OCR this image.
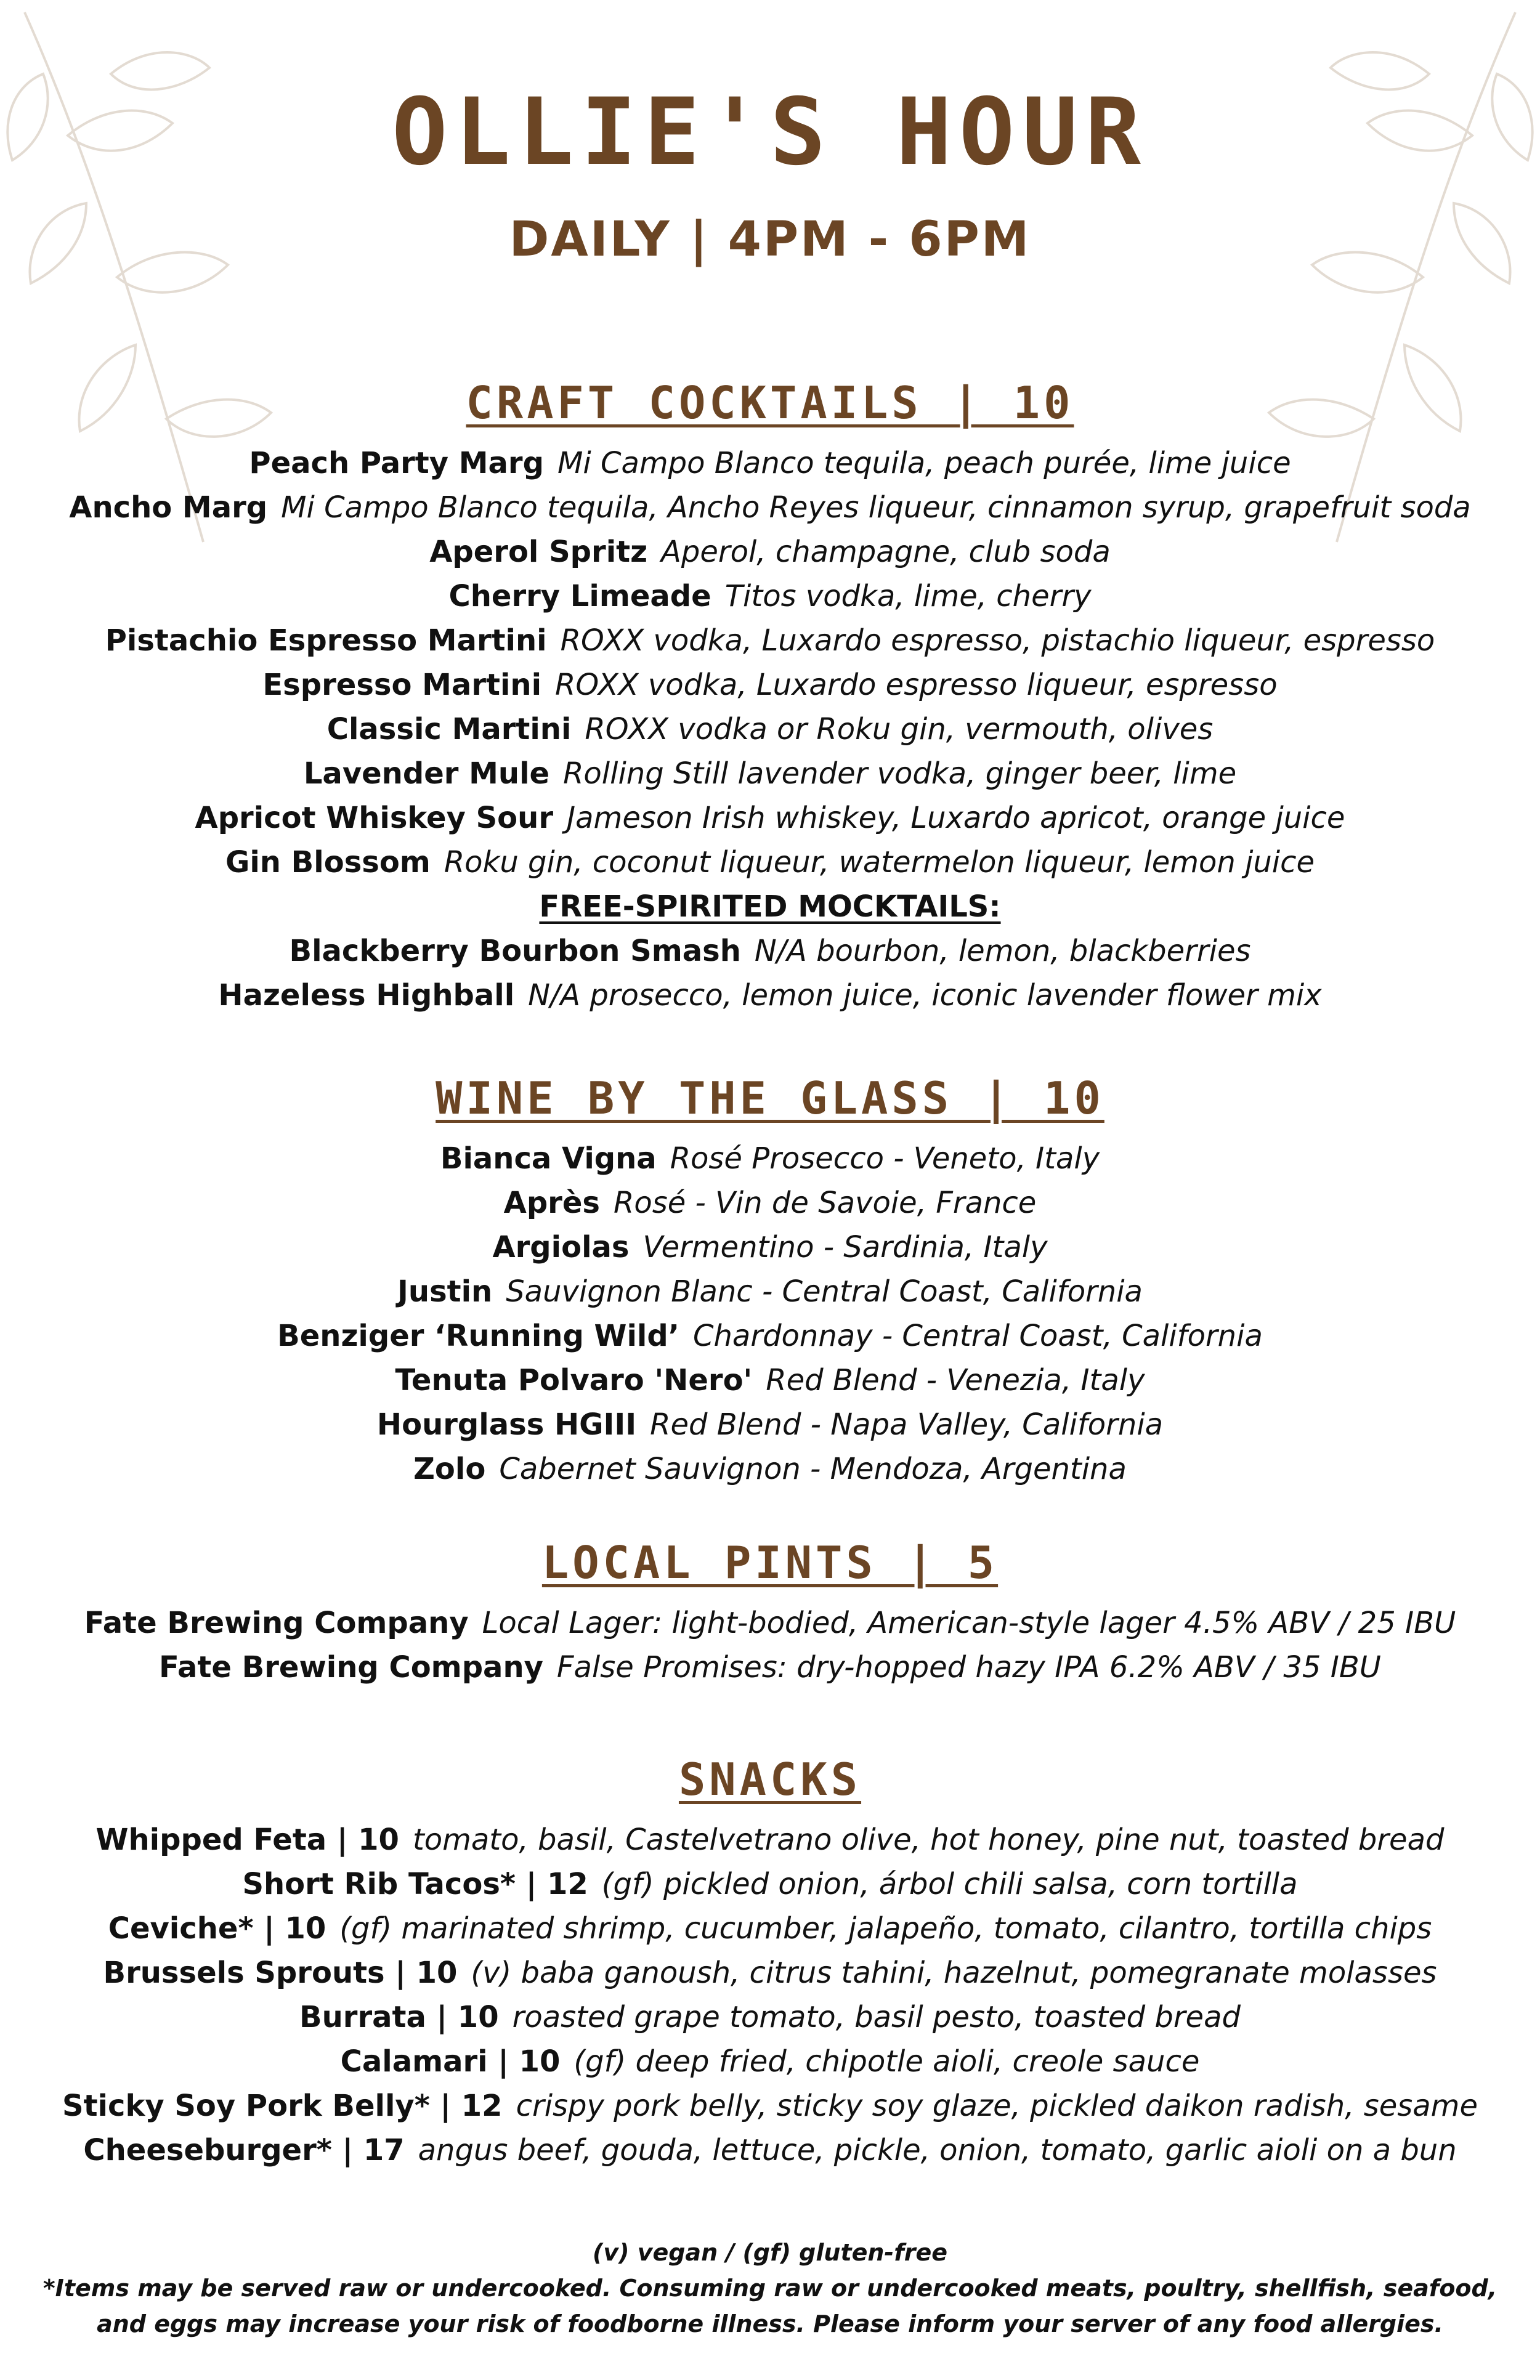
OLLIE'S HOUR
DAILY | 4PM - 6PM
CRAFT COCKTAILS | 10
Peach Party Marg Mi Campo Blanco tequila, peach purée, lime juice
Ancho Marg Mi Campo Blanco tequila, Ancho Reyes liqueur, cinnamon syrup, grapefruit soda
Aperol Spritz Aperol, champagne, club soda
Cherry Limeade Titos vodka, lime, cherry
Pistachio Espresso Martini ROXX vodka, Luxardo espresso, pistachio liqueur, espresso
Espresso Martini ROXX vodka, Luxardo espresso liqueur, espresso
Classic Martini ROXX vodka or Roku gin, vermouth, olives
Lavender Mule Rolling Still lavender vodka, ginger beer, lime
Apricot Whiskey Sour Jameson Irish whiskey, Luxardo apricot, orange juice
Gin Blossom Roku gin, coconut liqueur, watermelon liqueur, lemon juice
FREE-SPIRITED MOCKTAILS:
Blackberry Bourbon Smash N/A bourbon, lemon, blackberries
Hazeless Highball N/A prosecco, lemon juice, iconic lavender flower mix
WINE BY THE GLASS | 10
Bianca Vigna Rosé Prosecco - Veneto, Italy
Après Rosé - Vin de Savoie, France
Argiolas Vermentino - Sardinia, Italy
Justin Sauvignon Blanc - Central Coast, California
Benziger ‘Running Wild’ Chardonnay - Central Coast, California
Tenuta Polvaro 'Nero' Red Blend - Venezia, Italy
Hourglass HGIII Red Blend - Napa Valley, California
Zolo Cabernet Sauvignon - Mendoza, Argentina
LOCAL PINTS | 5
Fate Brewing Company Local Lager: light-bodied, American-style lager 4.5% ABV / 25 IBU
Fate Brewing Company False Promises: dry-hopped hazy IPA 6.2% ABV / 35 IBU
SNACKS
Whipped Feta | 10 tomato, basil, Castelvetrano olive, hot honey, pine nut, toasted bread
Short Rib Tacos* | 12 (gf) pickled onion, árbol chili salsa, corn tortilla
Ceviche* | 10 (gf) marinated shrimp, cucumber, jalapeño, tomato, cilantro, tortilla chips
Brussels Sprouts | 10 (v) baba ganoush, citrus tahini, hazelnut, pomegranate molasses
Burrata | 10 roasted grape tomato, basil pesto, toasted bread
Calamari | 10 (gf) deep fried, chipotle aioli, creole sauce
Sticky Soy Pork Belly* | 12 crispy pork belly, sticky soy glaze, pickled daikon radish, sesame
Cheeseburger* | 17 angus beef, gouda, lettuce, pickle, onion, tomato, garlic aioli on a bun
(v) vegan / (gf) gluten-free
*Items may be served raw or undercooked. Consuming raw or undercooked meats, poultry, shellfish, seafood,
and eggs may increase your risk of foodborne illness. Please inform your server of any food allergies.
